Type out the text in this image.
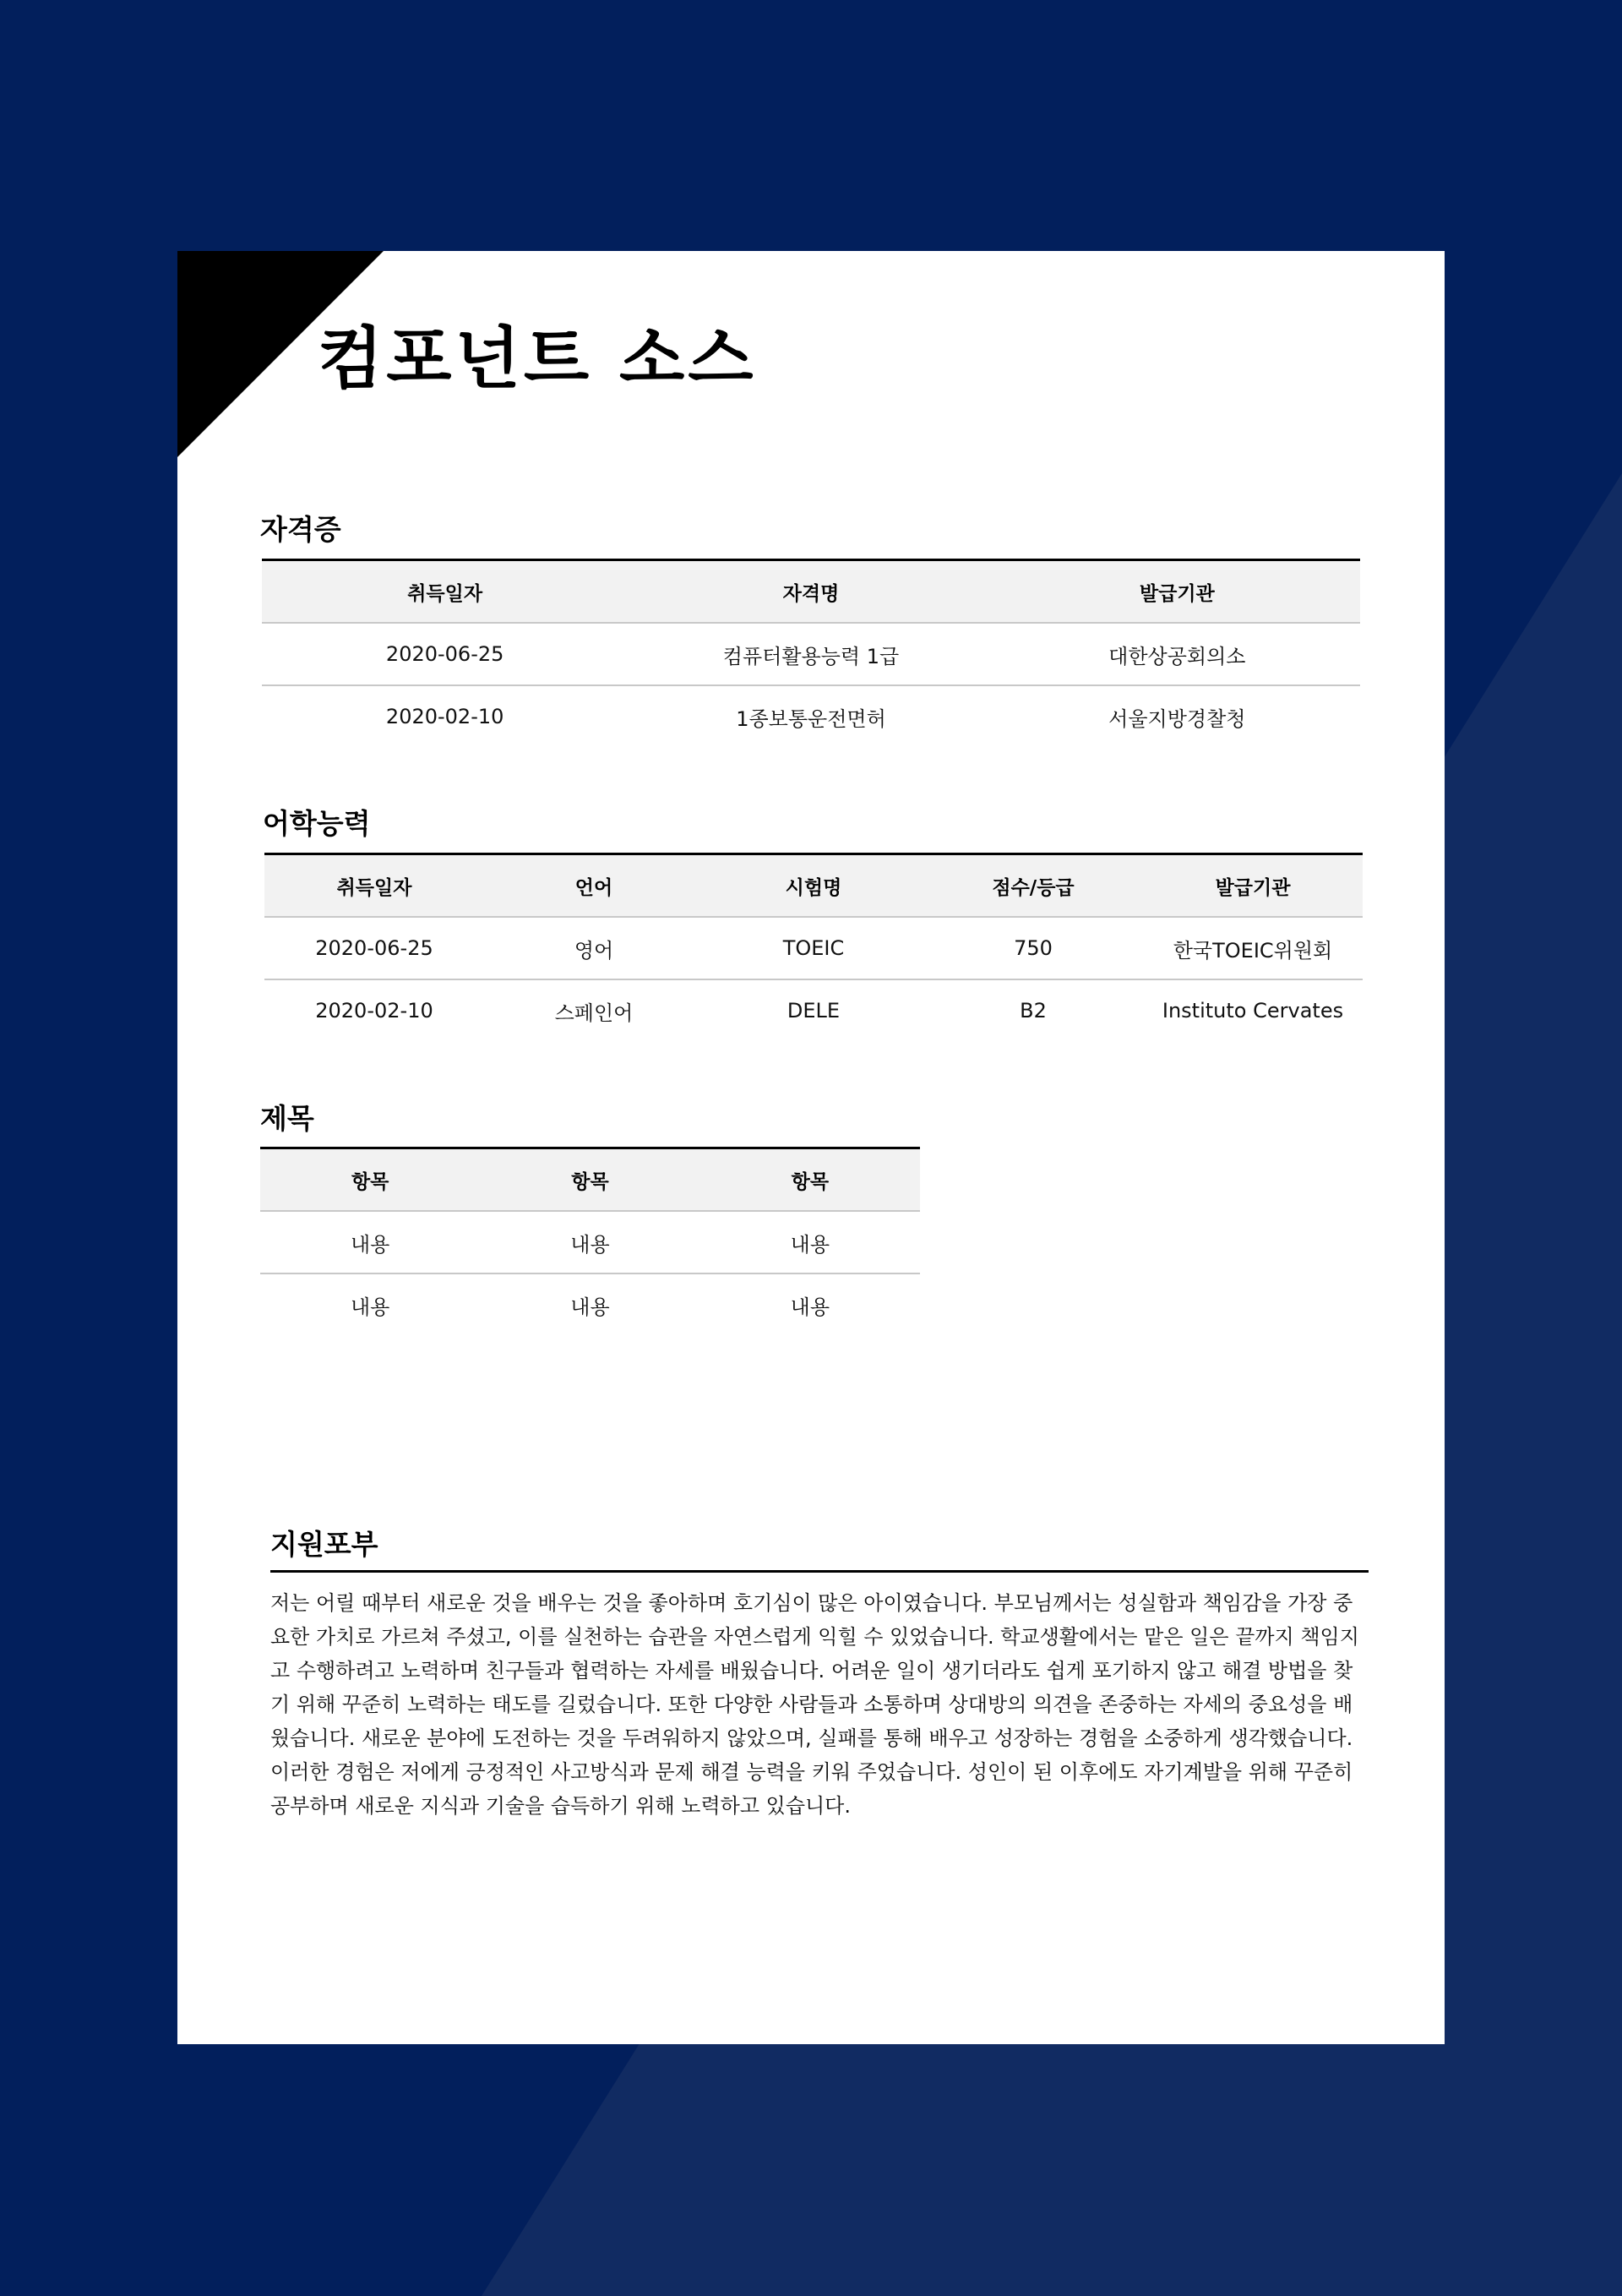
컴포넌트 소스
자격증
취득일자	자격명	발급기관
2020-06-25	컴퓨터활용능력 1급	대한상공회의소
2020-02-10	1종보통운전면허	서울지방경찰청
어학능력
취득일자	언어	시험명	점수/등급	발급기관
2020-06-25	영어	TOEIC	750	한국TOEIC위원회
2020-02-10	스페인어	DELE	B2	Instituto Cervates
제목
항목	항목	항목
내용	내용	내용
내용	내용	내용
지원포부

저는 어릴 때부터 새로운 것을 배우는 것을 좋아하며 호기심이 많은 아이였습니다. 부모님께서는 성실함과 책임감을 가장 중요한 가치로 가르쳐 주셨고, 이를 실천하는 습관을 자연스럽게 익힐 수 있었습니다. 학교생활에서는 맡은 일은 끝까지 책임지고 수행하려고 노력하며 친구들과 협력하는 자세를 배웠습니다. 어려운 일이 생기더라도 쉽게 포기하지 않고 해결 방법을 찾기 위해 꾸준히 노력하는 태도를 길렀습니다. 또한 다양한 사람들과 소통하며 상대방의 의견을 존중하는 자세의 중요성을 배웠습니다. 새로운 분야에 도전하는 것을 두려워하지 않았으며, 실패를 통해 배우고 성장하는 경험을 소중하게 생각했습니다. 이러한 경험은 저에게 긍정적인 사고방식과 문제 해결 능력을 키워 주었습니다. 성인이 된 이후에도 자기계발을 위해 꾸준히 공부하며 새로운 지식과 기술을 습득하기 위해 노력하고 있습니다.
